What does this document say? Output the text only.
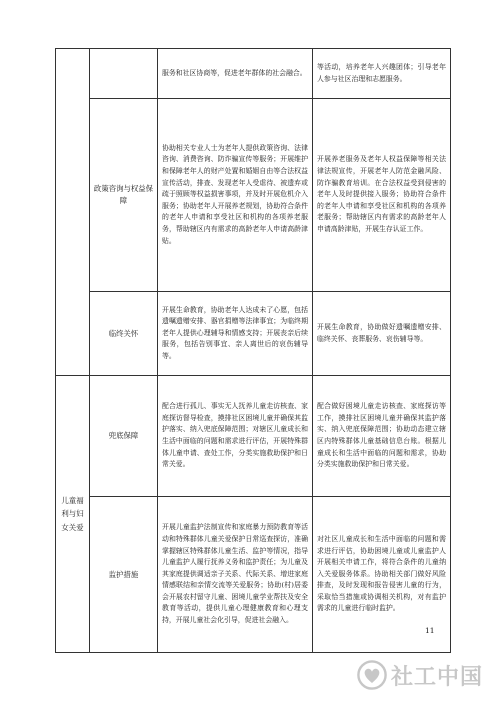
		服务和社区协商等，促进老年群体的社会融合。	等活动，培养老年人兴趣团体；引导老年人参与社区治理和志愿服务。
	政策咨询与权益保障	协助相关专业人士为老年人提供政策咨询、法律咨询、消费咨询、防诈骗宣传等服务；开展维护和保障老年人的财产处置和婚姻自由等合法权益宣传活动，排查、发现老年人受虐待、被遗弃或疏于照顾等权益损害事项，并及时开展危机介入服务；协助老年人开展养老规划，协助符合条件的老年人申请和享受社区和机构的各项养老服务，帮助辖区内有需求的高龄老年人申请高龄津贴。	开展养老服务及老年人权益保障等相关法律法规宣传，开展老年人防范金融风险、防诈骗教育培训。在合法权益受到侵害的老年人及时提供接入服务；协助符合条件的老年人申请和享受社区和机构的各项养老服务；帮助辖区内有需求的高龄老年人申请高龄津贴，开展生存认证工作。
	临终关怀	开展生命教育，协助老年人达成未了心愿，包括遗嘱遗赠安排、器官捐赠等法律事宜；为临终期老年人提供心理辅导和情感支持；开展丧亲后续服务，包括告别事宜、亲人离世后的哀伤辅导等。	开展生命教育，协助做好遗嘱遗赠安排、临终关怀、丧葬服务、哀伤辅导等。
儿童福利与妇女关爱	兜底保障	配合进行孤儿、事实无人抚养儿童走访核查、家庭探访督导检查，摸排社区困境儿童并确保其监护落实、纳入兜底保障范围；对辖区儿童成长和生活中面临的问题和需求进行评估，开展特殊群体儿童申请、查处工作，分类实施救助保护和日常关爱。	配合做好困境儿童走访核查、家庭探访等工作，摸排社区困境儿童并确保其监护落实、纳入兜底保障范围；协助动态建立辖区内特殊群体儿童基础信息台账。根据儿童成长和生活中面临的问题和需求，协助分类实施救助保护和日常关爱。
	监护措施	开展儿童监护法制宣传和家庭暴力预防教育等活动和特殊群体儿童关爱保护日常巡查探访，准确掌握辖区特殊群体儿童生活、监护等情况，指导儿童监护人履行抚养义务和监护责任；为儿童及其家庭提供调适亲子关系、代际关系、增进家庭情感联结和亲情交流等关爱服务；协助(村)居委会开展农村留守儿童、困境儿童学业帮扶及安全教育等活动，提供儿童心理健康教育和心理支持，开展儿童社会化引导，促进社会融入。	对社区儿童成长和生活中面临的问题和需求进行评估，协助困境儿童或儿童监护人开展相关申请工作，将符合条件的儿童纳入关爱服务体系。协助相关部门做好风险排查，及时发现和报告侵害儿童的行为，采取恰当措施或协调相关机构，对有监护需求的儿童进行临时监护。
11
社工中国
